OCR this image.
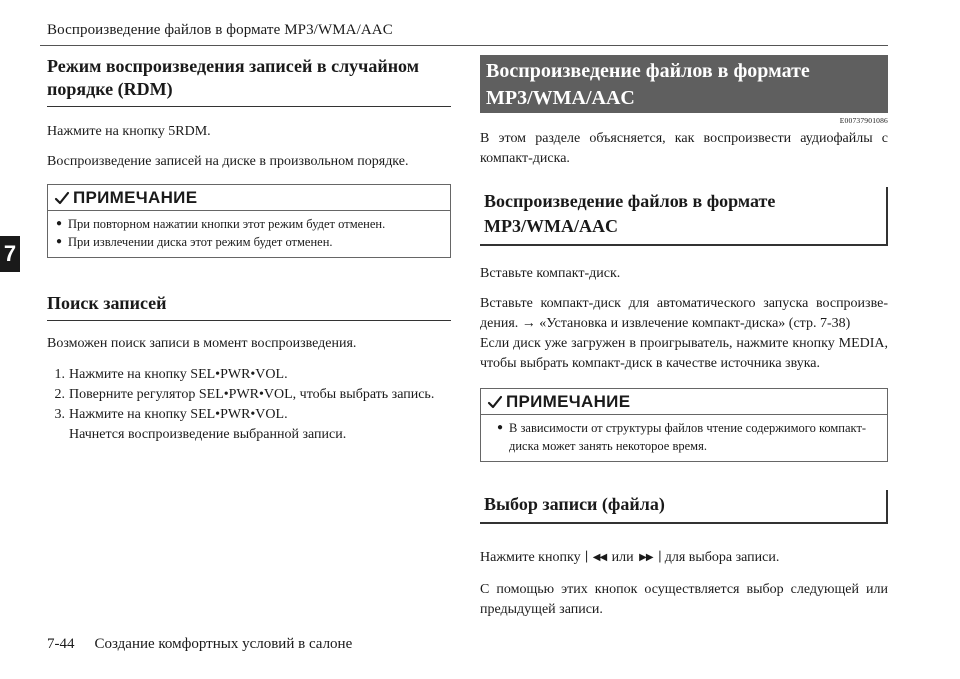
Воспроизведение файлов в формате MP3/WMA/AAC
7
Режим воспроизведения записей в случайном порядке (RDM)
Нажмите на кнопку 5RDM.
Воспроизведение записей на диске в произвольном порядке.
ПРИМЕЧАНИЕ
● При повторном нажатии кнопки этот режим будет отменен.
● При извлечении диска этот режим будет отменен.
Поиск записей
Возможен поиск записи в момент воспроизведения.
1. Нажмите на кнопку SEL•PWR•VOL.
2. Поверните регулятор SEL•PWR•VOL, чтобы выбрать запись.
3. Нажмите на кнопку SEL•PWR•VOL.
Начнется воспроизведение выбранной записи.
Воспроизведение файлов в формате MP3/WMA/AAC
E00737901086
В этом разделе объясняется, как воспроизвести аудиофайлы с компакт-диска.
Воспроизведение файлов в формате MP3/WMA/AAC
Вставьте компакт-диск.
Вставьте компакт-диск для автоматического запуска воспроизве-дения. → «Установка и извлечение компакт-диска» (стр. 7-38)
Если диск уже загружен в проигрыватель, нажмите кнопку MEDIA, чтобы выбрать компакт-диск в качестве источника звука.
ПРИМЕЧАНИЕ
● В зависимости от структуры файлов чтение содержимого компакт-диска может занять некоторое время.
Выбор записи (файла)
Нажмите кнопку ▏◀◀ или ▶▶▕ для выбора записи.
С помощью этих кнопок осуществляется выбор следующей или предыдущей записи.
7-44 Создание комфортных условий в салоне
